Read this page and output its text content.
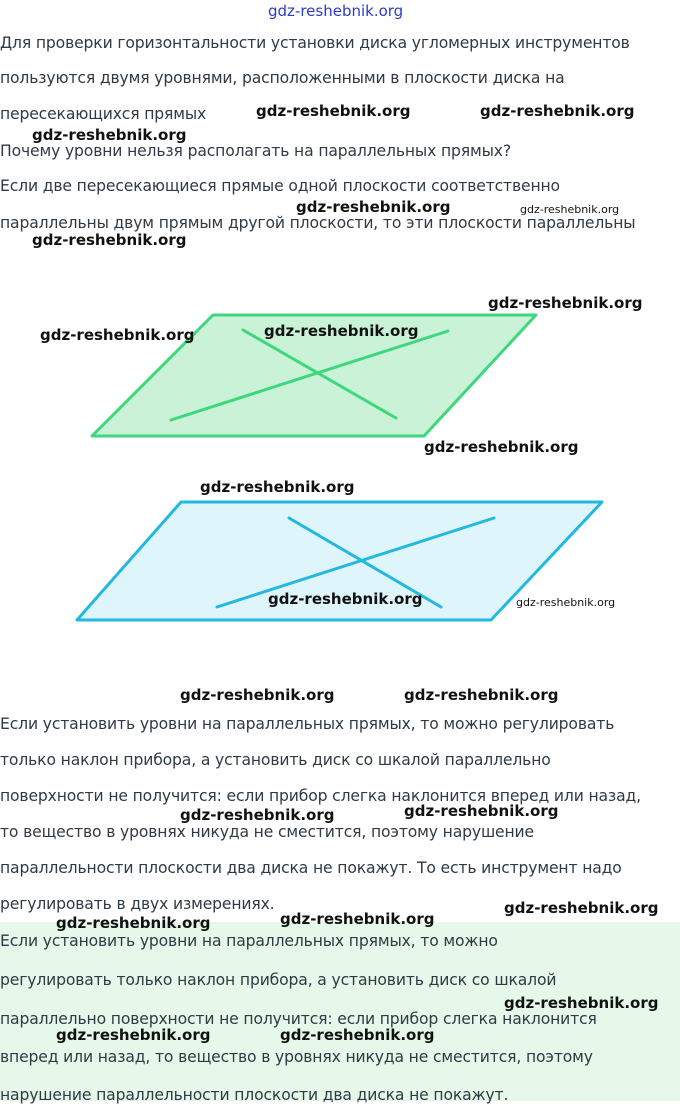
gdz-reshebnik.org
Для проверки горизонтальности установки диска угломерных инструментов
пользуются двумя уровнями, расположенными в плоскости диска на
пересекающихся прямых
Почему уровни нельзя располагать на параллельных прямых?
Если две пересекающиеся прямые одной плоскости соответственно
параллельны двум прямым другой плоскости, то эти плоскости параллельны
Если установить уровни на параллельных прямых, то можно регулировать
только наклон прибора, а установить диск со шкалой параллельно
поверхности не получится: если прибор слегка наклонится вперед или назад,
то вещество в уровнях никуда не сместится, поэтому нарушение
параллельности плоскости два диска не покажут. То есть инструмент надо
регулировать в двух измерениях.
Если установить уровни на параллельных прямых, то можно
регулировать только наклон прибора, а установить диск со шкалой
параллельно поверхности не получится: если прибор слегка наклонится
вперед или назад, то вещество в уровнях никуда не сместится, поэтому
нарушение параллельности плоскости два диска не покажут.
gdz-reshebnik.org	gdz-reshebnik.org
gdz-reshebnik.org
gdz-reshebnik.org	gdz-reshebnik.org
gdz-reshebnik.org
gdz-reshebnik.org
gdz-reshebnik.org	gdz-reshebnik.org
gdz-reshebnik.org
gdz-reshebnik.org
gdz-reshebnik.org	gdz-reshebnik.org
gdz-reshebnik.org	gdz-reshebnik.org
gdz-reshebnik.org
gdz-reshebnik.org
gdz-reshebnik.org
gdz-reshebnik.org	gdz-reshebnik.org
gdz-reshebnik.org
gdz-reshebnik.org	gdz-reshebnik.org
